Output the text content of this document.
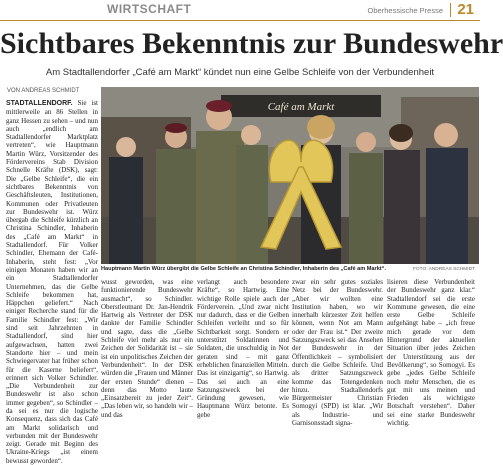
WIRTSCHAFT	Oberhessische Presse 21
Sichtbares Bekenntnis zur Bundeswehr
Am Stadtallendorfer „Café am Markt“ kündet nun eine Gelbe Schleife von der Verbundenheit
VON ANDREAS SCHMIDT
STADTALLENDORF. Sie ist mittlerweile an 86 Stellen in ganz Hessen zu sehen – und nun auch „endlich am Stadtallendorfer Marktplatz vertreten“, wie Hauptmann Martin Würz, Vorsitzender des Fördervereins Stab Division Schnelle Kräfte (DSK), sagt: Die „Gelbe Schleife“, die ein sichtbares Bekenntnis von Geschäftsleuten, Institutionen, Kommunen oder Privatleuten zur Bundeswehr ist. Würz übergab die Schleife kürzlich an Christina Schindler, Inhaberin des „Café am Markt“ in Stadtallendorf. Für Volker Schindler, Ehemann der Café-Inhaberin, steht fest: „Vor einigen Monaten haben wir an ein Stadtallendorfer Unternehmen, das die Gelbe Schleife bekommen hat, Häppchen geliefert.“ Nach einiger Recherche stand für die Familie Schindler fest: „Wir sind seit Jahrzehnten in Stadtallendorf, sind hier aufgewachsen, hatten zwei Standorte hier – und mein Schwiegervater hat früher schon für die Kaserne beliefert“, erinnert sich Volker Schindler. „Die Verbundenheit zur Bundeswehr ist also schon immer gegeben“, so Schindler – da sei es nur die logische Konsequenz, dass sich das Café am Markt solidarisch und verbunden mit der Bundeswehr zeigt. Gerade mit Beginn des Ukraine-Kriegs „ist einem bewusst geworden“.
Café am Markt
Hauptmann Martin Würz übergibt die Gelbe Schleife an Christina Schindler, Inhaberin des „Café am Markt“.	FOTO: ANDREAS SCHMIDT
wusst geworden, was eine funktionierende Bundeswehr ausmacht“, so Schindler. Oberstleutnant Dr. Jan-Hendrik Hartwig als Vertreter der DSK dankte der Familie Schindler und sagte, dass die „Gelbe Schleife viel mehr als nur ein Zeichen der Solidarität ist – sie ist ein unpolitisches Zeichen der Verbundenheit“. In der DSK würden die „Frauen und Männer der ersten Stunde“ dienen – denn das Motto laute „Einsatzbereit zu jeder Zeit“. „Das leben wir, so handeln wir – und das
verlangt auch besondere Kräfte“, so Hartwig. Eine wichtige Rolle spiele auch der Förderverein. „Und zwar nicht nur dadurch, dass er die Gelben Schleifen verleiht und so für Sichtbarkeit sorgt. Sondern er unterstützt Soldatinnen und Soldaten, die unschuldig in Not geraten sind – mit ganz erheblichen finanziellen Mitteln. Das ist einzigartig“, so Hartwig. Das sei auch an eine Satzungszweck bei der Gründung gewesen, wie Hauptmann Würz betonte. Es gebe
zwar ein sehr gutes soziales Netz bei der Bundeswehr. „Aber wir wollten eine Institution haben, wo wir innerhalb kürzester Zeit helfen können, wenn Not am Mann oder der Frau ist.“ Der zweite Satzungszweck sei das Ansehen der Bundeswehr in der Öffentlichkeit – symbolisiert durch die Gelbe Schleife. Und als dritter Satzungszweck komme das Totengedenken hinzu. Stadtallendorfs Bürgermeister Christian Somogyi (SPD) ist klar. „Wir als Industrie- und Garnisonsstadt signa-
lisieren diese Verbundenheit der Bundeswehr ganz klar.“ Stadtallendorf sei die erste Kommune gewesen, die eine erste Gelbe Schleife aufgehängt habe – „ich freue mich gerade vor dem Hintergrund der aktuellen Situation über jedes Zeichen der Unterstützung aus der Bevölkerung“, so Somogyi. Es gebe „jedes Gelbe Schleife noch mehr Menschen, die es gut mit uns meinen und Frieden als wichtigste Botschaft verstehen“. Daher sei eine starke Bundeswehr wichtig.
